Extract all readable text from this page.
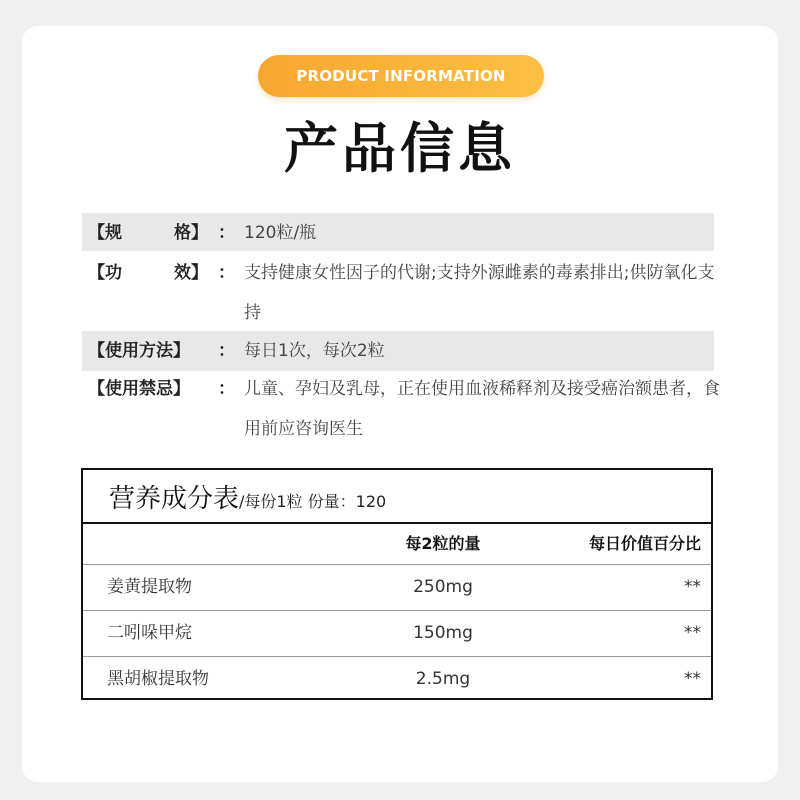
PRODUCT INFORMATION
产品信息
【规	格】 ： 120粒/瓶
【功	效】 ： 支持健康女性因子的代谢;支持外源雌素的毒素排出;供防氧化支持
【使用方法】 ： 每日1次，每次2粒
【使用禁忌】 ： 儿童、孕妇及乳母，正在使用血液稀释剂及接受癌治额患者，食用前应咨询医生
营养成分表/每份1粒 份量：120
每2粒的量	每日价值百分比
姜黄提取物	250mg	**
二吲哚甲烷	150mg	**
黑胡椒提取物	2.5mg	**
